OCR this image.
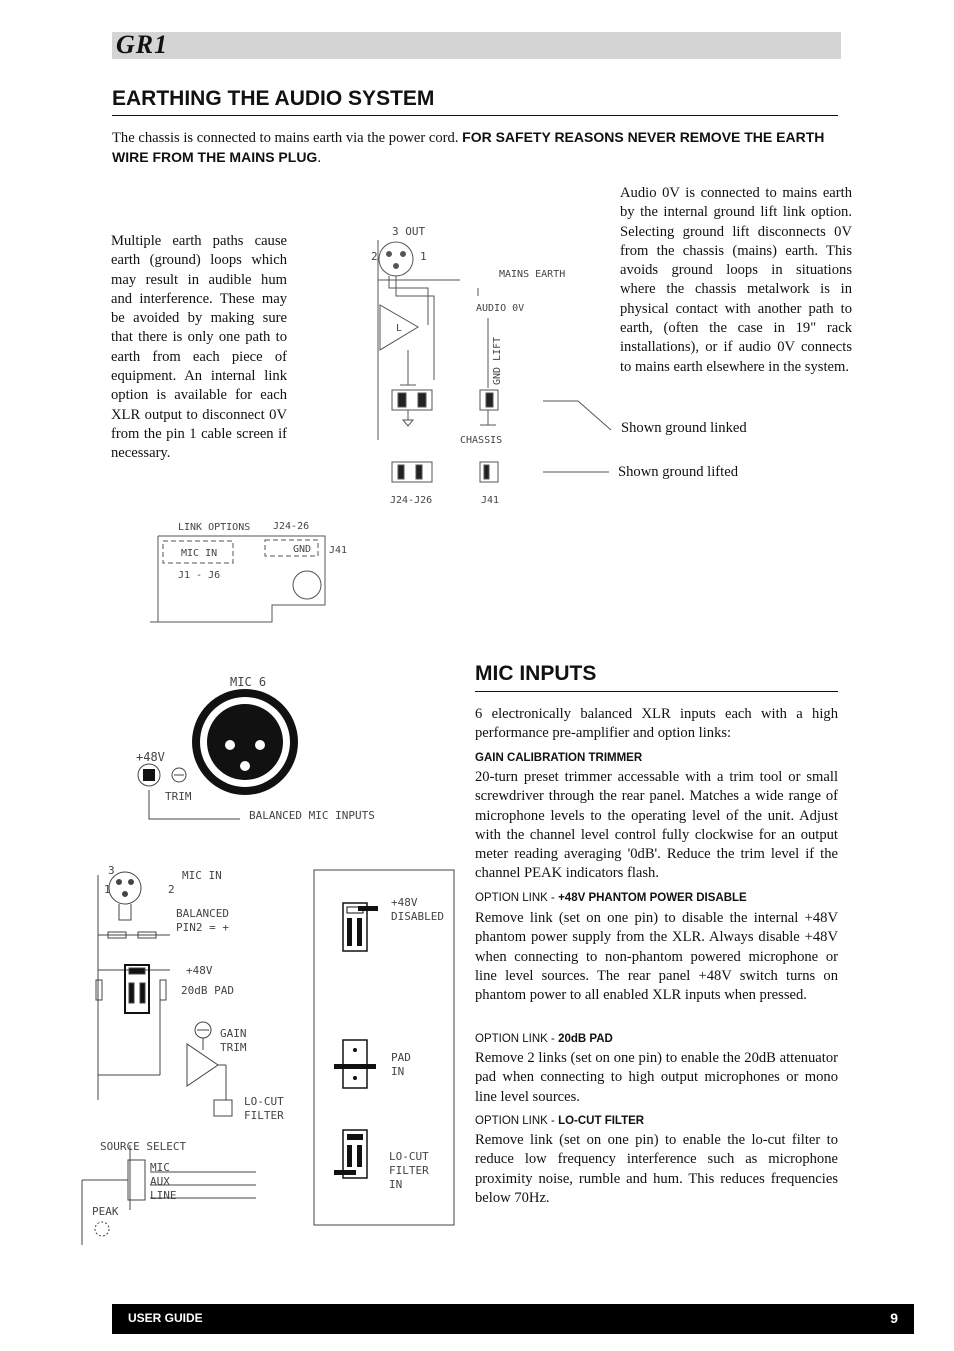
GR1
EARTHING THE AUDIO SYSTEM
The chassis is connected to mains earth via the power cord. FOR SAFETY REASONS NEVER REMOVE THE EARTH WIRE FROM THE MAINS PLUG.
Multiple earth paths cause earth (ground) loops which may result in audible hum and interference. These may be avoided by making sure that there is only one path to earth from each piece of equipment. An internal link option is available for each XLR output to disconnect 0V from the pin 1 cable screen if necessary.
Audio 0V is connected to mains earth by the internal ground lift link option. Selecting ground lift disconnects 0V from the chassis (mains) earth. This avoids ground loops in situations where the chassis metalwork is in physical contact with another path to earth, (often the case in 19" rack installations), or if audio 0V connects to mains earth elsewhere in the system.
Shown ground linked
Shown ground lifted
3 OUT
2	1
MAINS EARTH
AUDIO 0V
GND LIFT
CHASSIS
L
J24-J26	J41
LINK OPTIONS J24-26
MIC IN	GND J41
J1 - J6
MIC INPUTS
6 electronically balanced XLR inputs each with a high performance pre-amplifier and option links:
GAIN CALIBRATION TRIMMER
20-turn preset trimmer accessable with a trim tool or small screwdriver through the rear panel. Matches a wide range of microphone levels to the operating level of the unit. Adjust with the channel level control fully clockwise for an output meter reading averaging '0dB'. Reduce the trim level if the channel PEAK indicators flash.
OPTION LINK - +48V PHANTOM POWER DISABLE
Remove link (set on one pin) to disable the internal +48V phantom power supply from the XLR. Always disable +48V when connecting to non-phantom powered microphone or line level sources. The rear panel +48V switch turns on phantom power to all enabled XLR inputs when pressed.
OPTION LINK - 20dB PAD
Remove 2 links (set on one pin) to enable the 20dB attenuator pad when connecting to high output microphones or mono line level sources.
OPTION LINK - LO-CUT FILTER
Remove link (set on one pin) to enable the lo-cut filter to reduce low frequency interference such as microphone proximity noise, rumble and hum. This reduces frequencies below 70Hz.
MIC 6
+48V
TRIM
BALANCED MIC INPUTS
3
1	2
MIC IN
BALANCED
PIN2 = +
+48V
20dB PAD
GAIN
TRIM
LO-CUT
FILTER
SOURCE SELECT
MIC
AUX
LINE
PEAK
+48V
DISABLED
PAD
IN
LO-CUT
FILTER
IN
USER GUIDE	9
